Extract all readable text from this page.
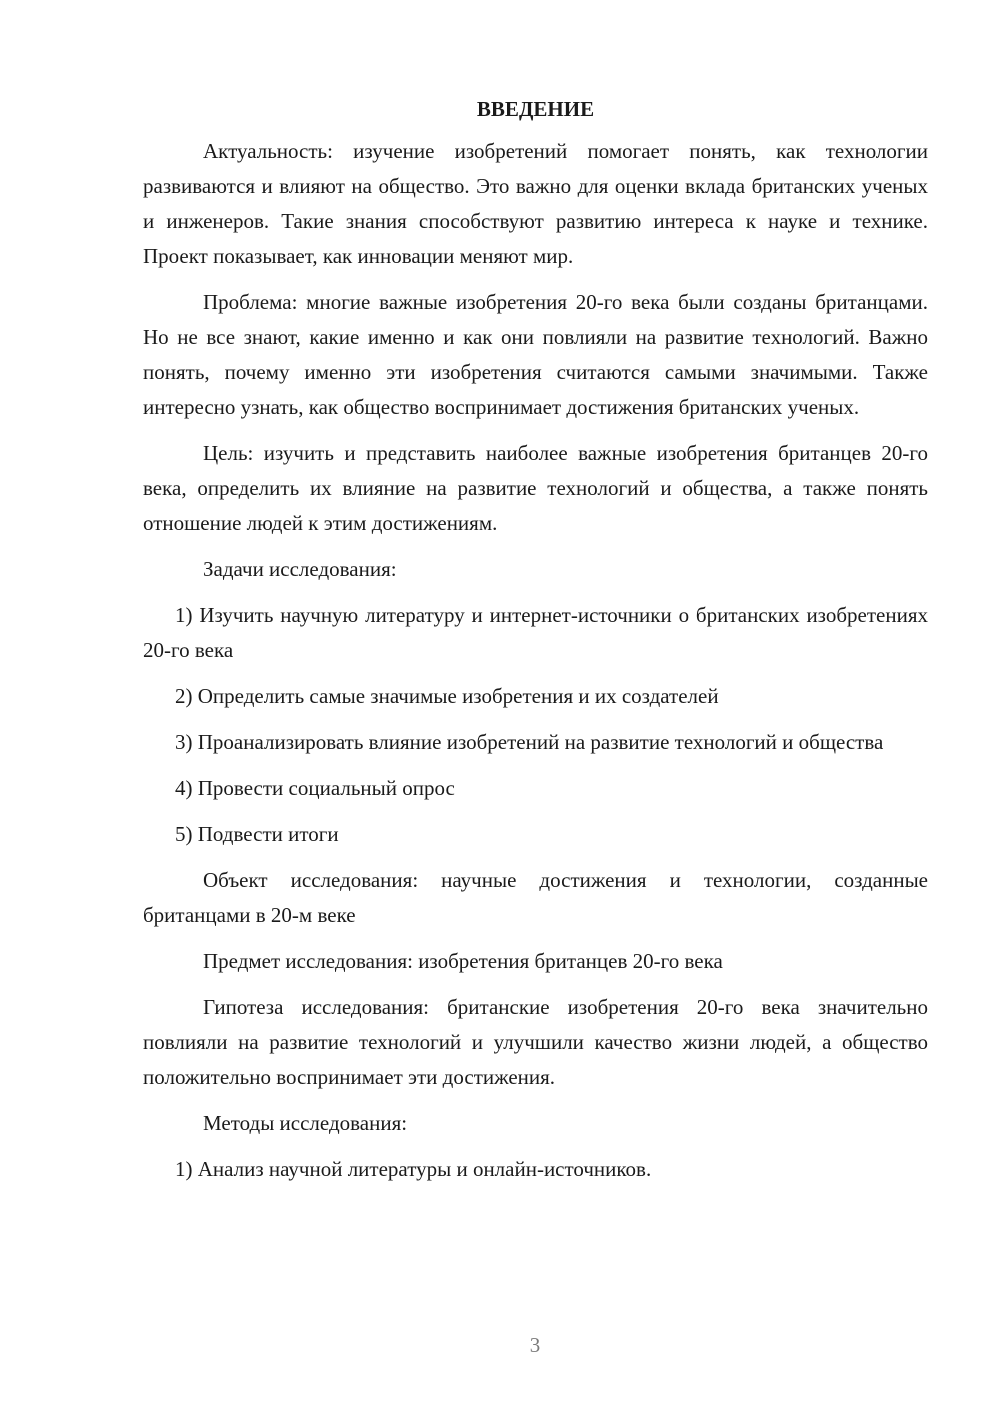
ВВЕДЕНИЕ

Актуальность: изучение изобретений помогает понять, как технологии развиваются и влияют на общество. Это важно для оценки вклада британских ученых и инженеров. Такие знания способствуют развитию интереса к науке и технике. Проект показывает, как инновации меняют мир.

Проблема: многие важные изобретения 20-го века были созданы британцами. Но не все знают, какие именно и как они повлияли на развитие технологий. Важно понять, почему именно эти изобретения считаются самыми значимыми. Также интересно узнать, как общество воспринимает достижения британских ученых.

Цель: изучить и представить наиболее важные изобретения британцев 20-го века, определить их влияние на развитие технологий и общества, а также понять отношение людей к этим достижениям.

Задачи исследования:

1) Изучить научную литературу и интернет-источники о британских изобретениях 20-го века

2) Определить самые значимые изобретения и их создателей

3) Проанализировать влияние изобретений на развитие технологий и общества

4) Провести социальный опрос

5) Подвести итоги

Объект исследования: научные достижения и технологии, созданные британцами в 20-м веке

Предмет исследования: изобретения британцев 20-го века

Гипотеза исследования: британские изобретения 20-го века значительно повлияли на развитие технологий и улучшили качество жизни людей, а общество положительно воспринимает эти достижения.

Методы исследования:

1) Анализ научной литературы и онлайн-источников.

3
